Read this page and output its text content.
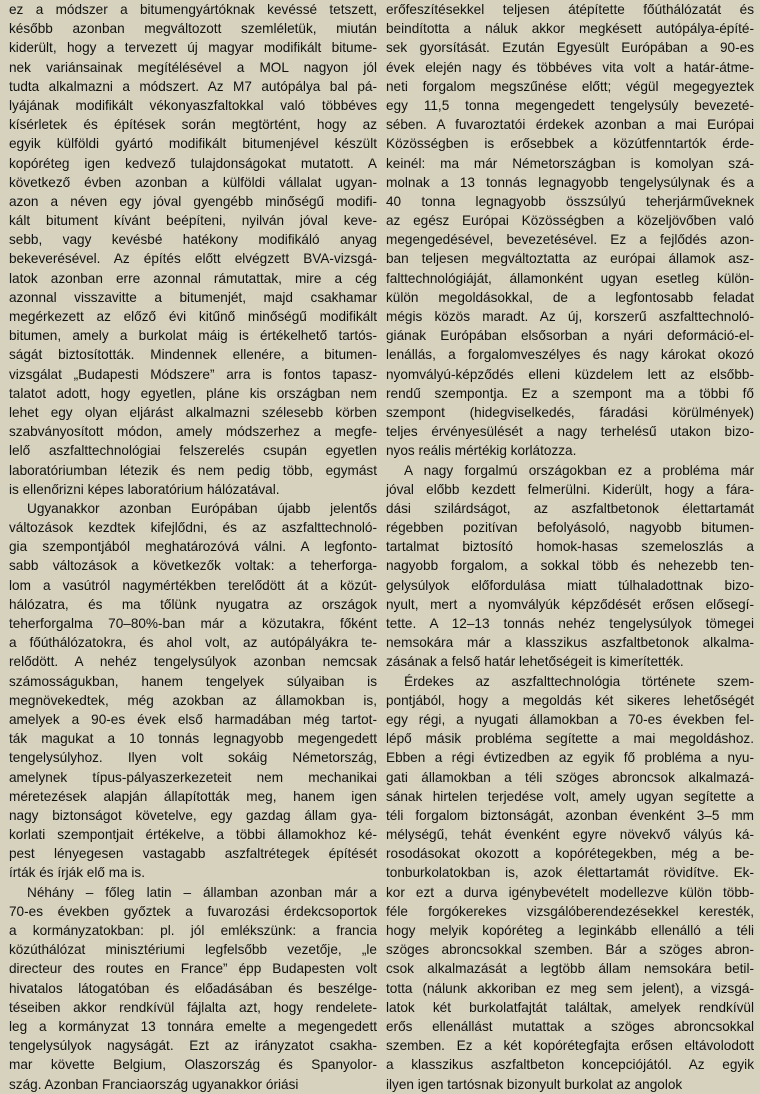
ez a módszer a bitumengyártóknak kevéssé tetszett,
később azonban megváltozott szemléletük, miután
kiderült, hogy a tervezett új magyar modifikált bitume-
nek variánsainak megítélésével a MOL nagyon jól
tudta alkalmazni a módszert. Az M7 autópálya bal pá-
lyájának modifikált vékonyaszfaltokkal való többéves
kísérletek és építések során megtörtént, hogy az
egyik külföldi gyártó modifikált bitumenjével készült
kopóréteg igen kedvező tulajdonságokat mutatott. A
következő évben azonban a külföldi vállalat ugyan-
azon a néven egy jóval gyengébb minőségű modifi-
kált bitument kívánt beépíteni, nyilván jóval keve-
sebb, vagy kevésbé hatékony modifikáló anyag
bekeverésével. Az építés előtt elvégzett BVA-vizsgá-
latok azonban erre azonnal rámutattak, mire a cég
azonnal visszavitte a bitumenjét, majd csakhamar
megérkezett az előző évi kitűnő minőségű modifikált
bitumen, amely a burkolat máig is értékelhető tartós-
ságát biztosították. Mindennek ellenére, a bitumen-
vizsgálat „Budapesti Módszere” arra is fontos tapasz-
talatot adott, hogy egyetlen, pláne kis országban nem
lehet egy olyan eljárást alkalmazni szélesebb körben
szabványosított módon, amely módszerhez a megfe-
lelő aszfalttechnológiai felszerelés csupán egyetlen
laboratóriumban létezik és nem pedig több, egymást
is ellenőrizni képes laboratórium hálózatával.
Ugyanakkor azonban Európában újabb jelentős
változások kezdtek kifejlődni, és az aszfalttechnoló-
gia szempontjából meghatározóvá válni. A legfonto-
sabb változások a következők voltak: a teherforga-
lom a vasútról nagymértékben terelődött át a közút-
hálózatra, és ma tőlünk nyugatra az országok
teherforgalma 70–80%-ban már a közutakra, főként
a főúthálózatokra, és ahol volt, az autópályákra te-
relődött. A nehéz tengelysúlyok azonban nemcsak
számosságukban, hanem tengelyek súlyaiban is
megnövekedtek, még azokban az államokban is,
amelyek a 90-es évek első harmadában még tartot-
ták magukat a 10 tonnás legnagyobb megengedett
tengelysúlyhoz. Ilyen volt sokáig Németország,
amelynek típus-pályaszerkezeteit nem mechanikai
méretezések alapján állapították meg, hanem igen
nagy biztonságot követelve, egy gazdag állam gya-
korlati szempontjait értékelve, a többi államokhoz ké-
pest lényegesen vastagabb aszfaltrétegek építését
írták és írják elő ma is.
Néhány – főleg latin – államban azonban már a
70-es években győztek a fuvarozási érdekcsoportok
a kormányzatokban: pl. jól emlékszünk: a francia
közúthálózat minisztériumi legfelsőbb vezetője, „le
directeur des routes en France” épp Budapesten volt
hivatalos látogatóban és előadásában és beszélge-
téseiben akkor rendkívül fájlalta azt, hogy rendelete-
leg a kormányzat 13 tonnára emelte a megengedett
tengelysúlyok nagyságát. Ezt az irányzatot csakha-
mar követte Belgium, Olaszország és Spanyolor-
szág. Azonban Franciaország ugyanakkor óriási
erőfeszítésekkel teljesen átépítette főúthálózatát és
beindította a náluk akkor megkésett autópálya-építé-
sek gyorsítását. Ezután Egyesült Európában a 90-es
évek elején nagy és többéves vita volt a határ-átme-
neti forgalom megszűnése előtt; végül megegyeztek
egy 11,5 tonna megengedett tengelysúly bevezeté-
sében. A fuvaroztatói érdekek azonban a mai Európai
Közösségben is erősebbek a közútfenntartók érde-
keinél: ma már Németországban is komolyan szá-
molnak a 13 tonnás legnagyobb tengelysúlynak és a
40 tonna legnagyobb összsúlyú teherjárműveknek
az egész Európai Közösségben a közeljövőben való
megengedésével, bevezetésével. Ez a fejlődés azon-
ban teljesen megváltoztatta az európai államok asz-
falttechnológiáját, államonként ugyan esetleg külön-
külön megoldásokkal, de a legfontosabb feladat
mégis közös maradt. Az új, korszerű aszfalttechnoló-
giának Európában elsősorban a nyári deformáció-el-
lenállás, a forgalomveszélyes és nagy károkat okozó
nyomvályú-képződés elleni küzdelem lett az elsőbb-
rendű szempontja. Ez a szempont ma a többi fő
szempont (hidegviselkedés, fáradási körülmények)
teljes érvényesülését a nagy terhelésű utakon bizo-
nyos reális mértékig korlátozza.
A nagy forgalmú országokban ez a probléma már
jóval előbb kezdett felmerülni. Kiderült, hogy a fára-
dási szilárdságot, az aszfaltbetonok élettartamát
régebben pozitívan befolyásoló, nagyobb bitumen-
tartalmat biztosító homok-hasas szemeloszlás a
nagyobb forgalom, a sokkal több és nehezebb ten-
gelysúlyok előfordulása miatt túlhaladottnak bizo-
nyult, mert a nyomvályúk képződését erősen elősegí-
tette. A 12–13 tonnás nehéz tengelysúlyok tömegei
nemsokára már a klasszikus aszfaltbetonok alkalma-
zásának a felső határ lehetőségeit is kimerítették.
Érdekes az aszfalttechnológia története szem-
pontjából, hogy a megoldás két sikeres lehetőségét
egy régi, a nyugati államokban a 70-es években fel-
lépő másik probléma segítette a mai megoldáshoz.
Ebben a régi évtizedben az egyik fő probléma a nyu-
gati államokban a téli szöges abroncsok alkalmazá-
sának hirtelen terjedése volt, amely ugyan segítette a
téli forgalom biztonságát, azonban évenként 3–5 mm
mélységű, tehát évenként egyre növekvő vályús ká-
rosodásokat okozott a kopórétegekben, még a be-
tonburkolatokban is, azok élettartamát rövidítve. Ek-
kor ezt a durva igénybevételt modellezve külön több-
féle forgókerekes vizsgálóberendezésekkel keresték,
hogy melyik kopóréteg a leginkább ellenálló a téli
szöges abroncsokkal szemben. Bár a szöges abron-
csok alkalmazását a legtöbb állam nemsokára betil-
totta (nálunk akkoriban ez meg sem jelent), a vizsgá-
latok két burkolatfajtát találtak, amelyek rendkívül
erős ellenállást mutattak a szöges abroncsokkal
szemben. Ez a két kopórétegfajta erősen eltávolodott
a klasszikus aszfaltbeton koncepciójától. Az egyik
ilyen igen tartósnak bizonyult burkolat az angolok
